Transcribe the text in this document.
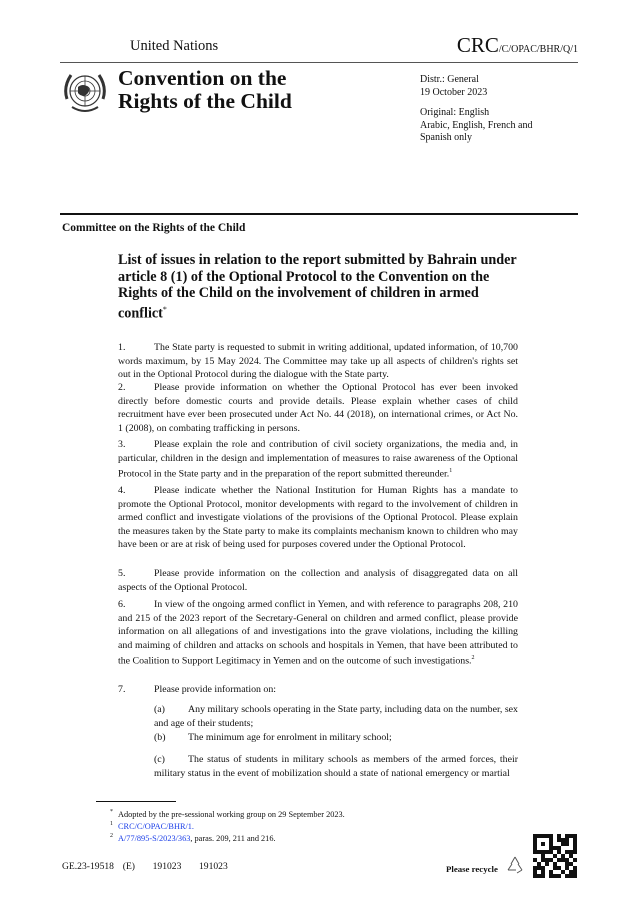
United Nations	CRC/C/OPAC/BHR/Q/1
Convention on the
Rights of the Child
Distr.: General
19 October 2023
Original: English
Arabic, English, French and
Spanish only
Committee on the Rights of the Child
List of issues in relation to the report submitted by Bahrain under article 8 (1) of the Optional Protocol to the Convention on the Rights of the Child on the involvement of children in armed conflict*
1.	The State party is requested to submit in writing additional, updated information, of 10,700 words maximum, by 15 May 2024. The Committee may take up all aspects of children's rights set out in the Optional Protocol during the dialogue with the State party.
2.	Please provide information on whether the Optional Protocol has ever been invoked directly before domestic courts and provide details. Please explain whether cases of child recruitment have ever been prosecuted under Act No. 44 (2018), on international crimes, or Act No. 1 (2008), on combating trafficking in persons.
3.	Please explain the role and contribution of civil society organizations, the media and, in particular, children in the design and implementation of measures to raise awareness of the Optional Protocol in the State party and in the preparation of the report submitted thereunder.$^1$
4.	Please indicate whether the National Institution for Human Rights has a mandate to promote the Optional Protocol, monitor developments with regard to the involvement of children in armed conflict and investigate violations of the provisions of the Optional Protocol. Please explain the measures taken by the State party to make its complaints mechanism known to children who may have been or are at risk of being used for purposes covered under the Optional Protocol.
5.	Please provide information on the collection and analysis of disaggregated data on all aspects of the Optional Protocol.
6.	In view of the ongoing armed conflict in Yemen, and with reference to paragraphs 208, 210 and 215 of the 2023 report of the Secretary-General on children and armed conflict, please provide information on all allegations of and investigations into the grave violations, including the killing and maiming of children and attacks on schools and hospitals in Yemen, that have been attributed to the Coalition to Support Legitimacy in Yemen and on the outcome of such investigations.$^2$
7.	Please provide information on:
(a) Any military schools operating in the State party, including data on the number, sex and age of their students;
(b) The minimum age for enrolment in military school;
(c) The status of students in military schools as members of the armed forces, their military status in the event of mobilization should a state of national emergency or martial
* Adopted by the pre-sessional working group on 29 September 2023.
$^1$ CRC/C/OPAC/BHR/1.
$^2$ A/77/895-S/2023/363, paras. 209, 211 and 216.
GE.23-19518  (E)    191023    191023	Please recycle
